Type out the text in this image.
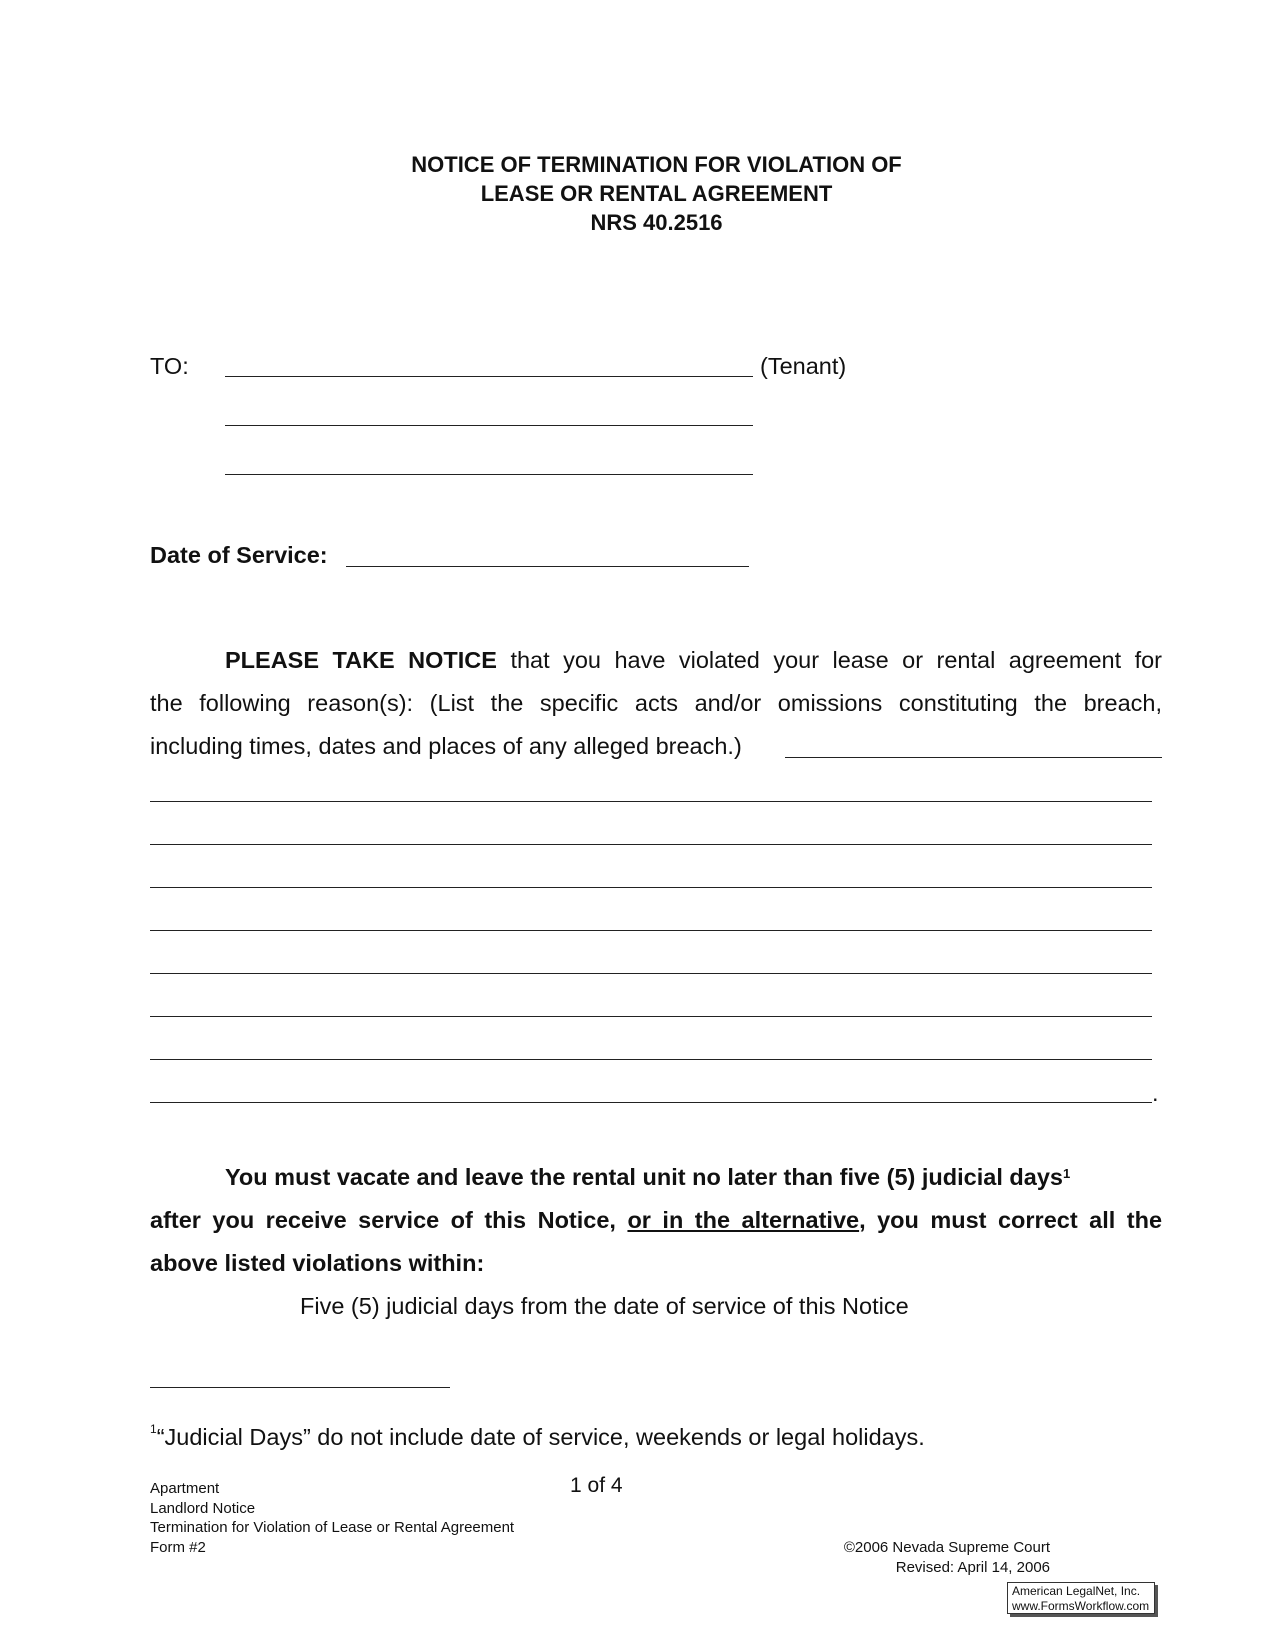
NOTICE OF TERMINATION FOR VIOLATION OF
LEASE OR RENTAL AGREEMENT
NRS 40.2516
TO:	(Tenant)
Date of Service:
PLEASE TAKE NOTICE that you have violated your lease or rental agreement for
the following reason(s): (List the specific acts and/or omissions constituting the breach,
including times, dates and places of any alleged breach.)
.
You must vacate and leave the rental unit no later than five (5) judicial days$^1$
after you receive service of this Notice, or in the alternative, you must correct all the
above listed violations within:
Five (5) judicial days from the date of service of this Notice
$^1$“Judicial Days” do not include date of service, weekends or legal holidays.
Apartment
Landlord Notice
Termination for Violation of Lease or Rental Agreement
Form #2
1 of 4
©2006 Nevada Supreme Court
Revised: April 14, 2006
American LegalNet, Inc.
www.FormsWorkflow.com
